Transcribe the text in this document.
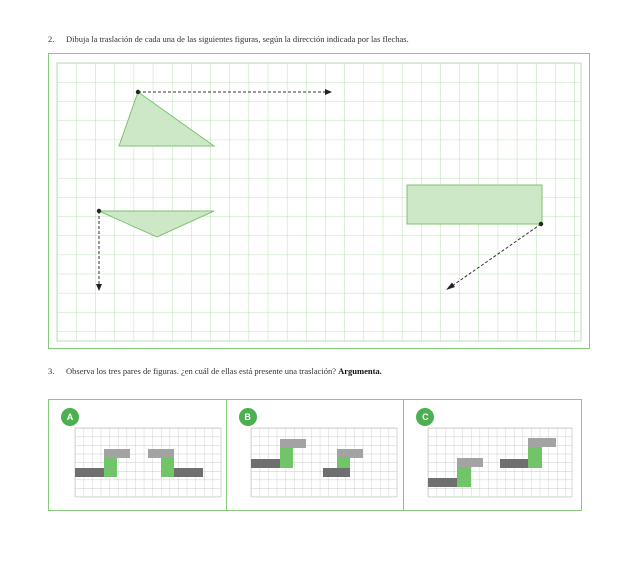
2. Dibuja la traslación de cada una de las siguientes figuras, según la dirección indicada por las flechas.
3. Observa los tres pares de figuras. ¿en cuál de ellas está presente una traslación? Argumenta.
A	B	C
